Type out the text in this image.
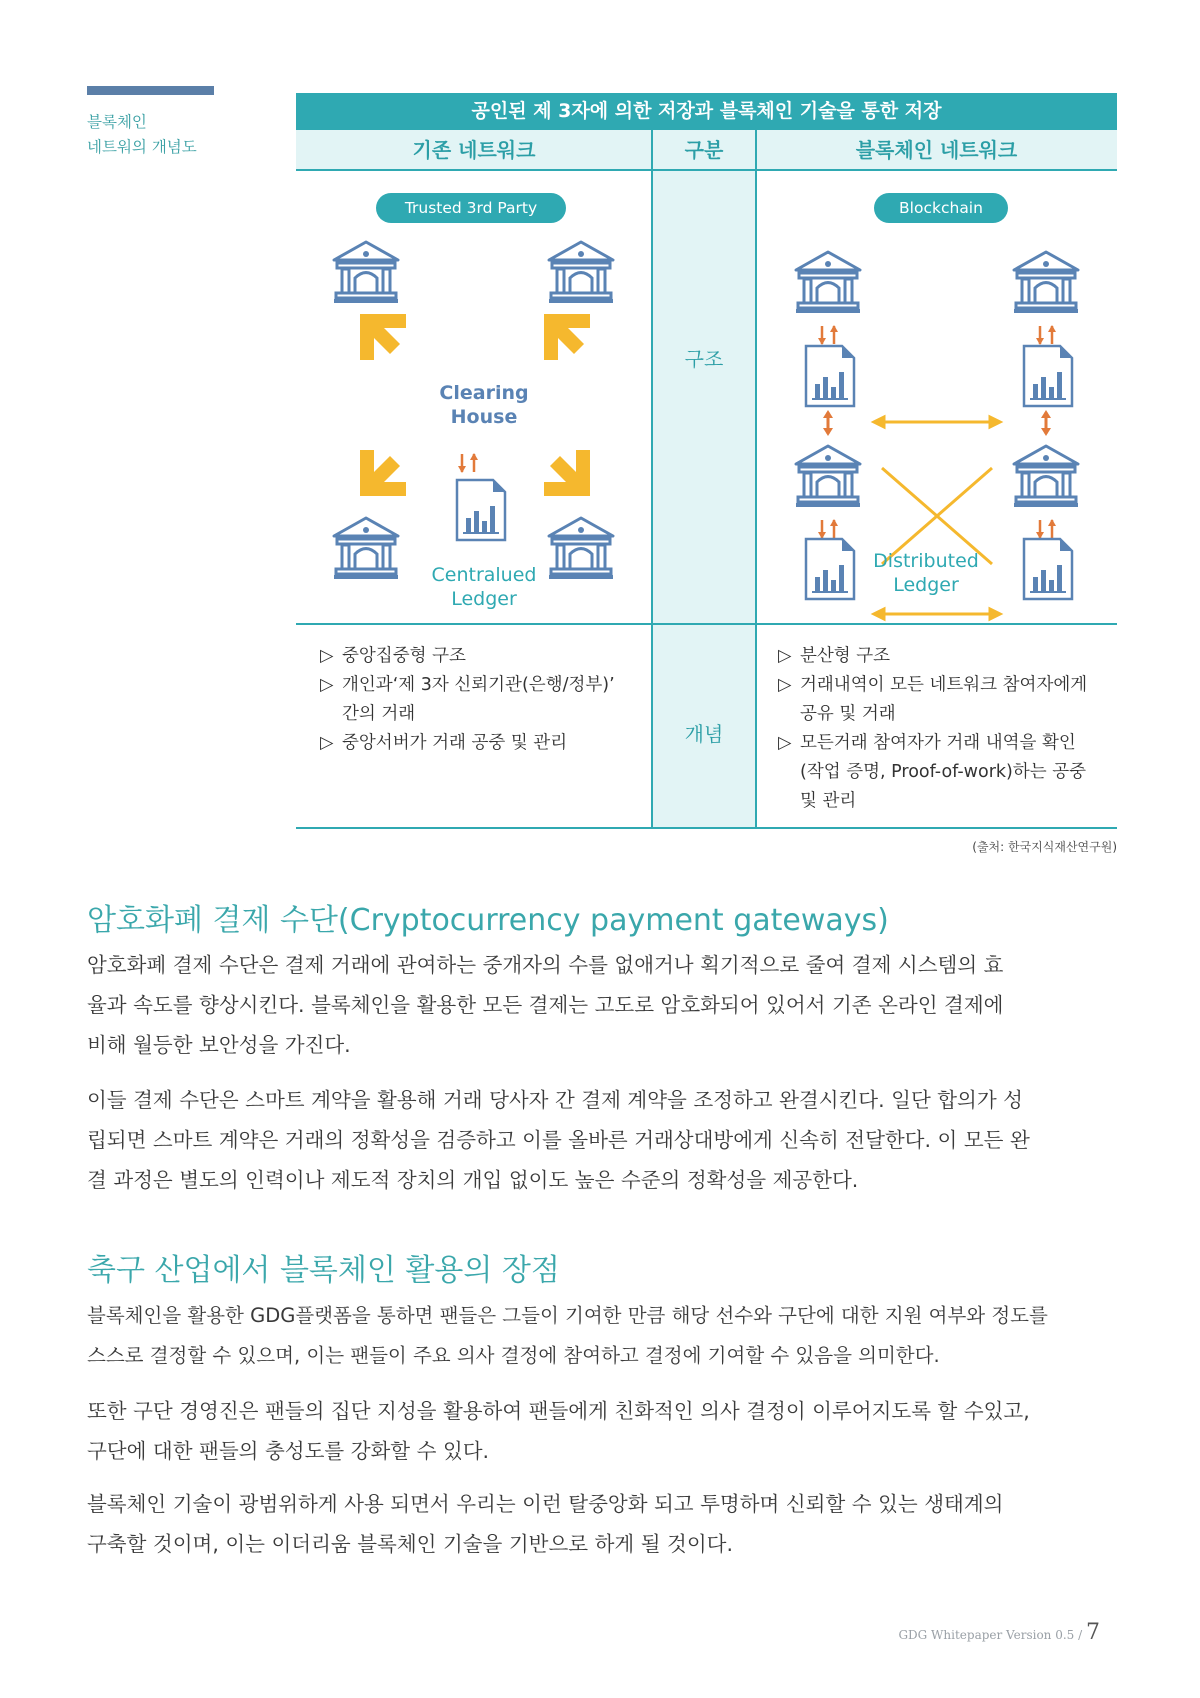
블록체인
네트워의 개념도
공인된 제 3자에 의한 저장과 블록체인 기술을 통한 저장
기존 네트워크	구분	블록체인 네트워크
구조
개념
Trusted 3rd Party
Clearing
House
Centralued
Ledger
Blockchain
Distributed
Ledger
▷ 중앙집중형 구조
▷ 개인과‘제 3자 신뢰기관(은행/정부)’
간의 거래
▷ 중앙서버가 거래 공중 및 관리
▷ 분산형 구조
▷ 거래내역이 모든 네트워크 참여자에게
공유 및 거래
▷ 모든거래 참여자가 거래 내역을 확인
(작업 증명, Proof-of-work)하는 공중
및 관리
(출처: 한국지식재산연구원)
암호화폐 결제 수단(Cryptocurrency payment gateways)
암호화폐 결제 수단은 결제 거래에 관여하는 중개자의 수를 없애거나 획기적으로 줄여 결제 시스템의 효
율과 속도를 향상시킨다. 블록체인을 활용한 모든 결제는 고도로 암호화되어 있어서 기존 온라인 결제에
비해 월등한 보안성을 가진다.
이들 결제 수단은 스마트 계약을 활용해 거래 당사자 간 결제 계약을 조정하고 완결시킨다. 일단 합의가 성
립되면 스마트 계약은 거래의 정확성을 검증하고 이를 올바른 거래상대방에게 신속히 전달한다. 이 모든 완
결 과정은 별도의 인력이나 제도적 장치의 개입 없이도 높은 수준의 정확성을 제공한다.
축구 산업에서 블록체인 활용의 장점
블록체인을 활용한 GDG플랫폼을 통하면 팬들은 그들이 기여한 만큼 해당 선수와 구단에 대한 지원 여부와 정도를
스스로 결정할 수 있으며, 이는 팬들이 주요 의사 결정에 참여하고 결정에 기여할 수 있음을 의미한다.
또한 구단 경영진은 팬들의 집단 지성을 활용하여 팬들에게 친화적인 의사 결정이 이루어지도록 할 수있고,
구단에 대한 팬들의 충성도를 강화할 수 있다.
블록체인 기술이 광범위하게 사용 되면서 우리는 이런 탈중앙화 되고 투명하며 신뢰할 수 있는 생태계의
구축할 것이며, 이는 이더리움 블록체인 기술을 기반으로 하게 될 것이다.
GDG Whitepaper Version 0.5 / 7
